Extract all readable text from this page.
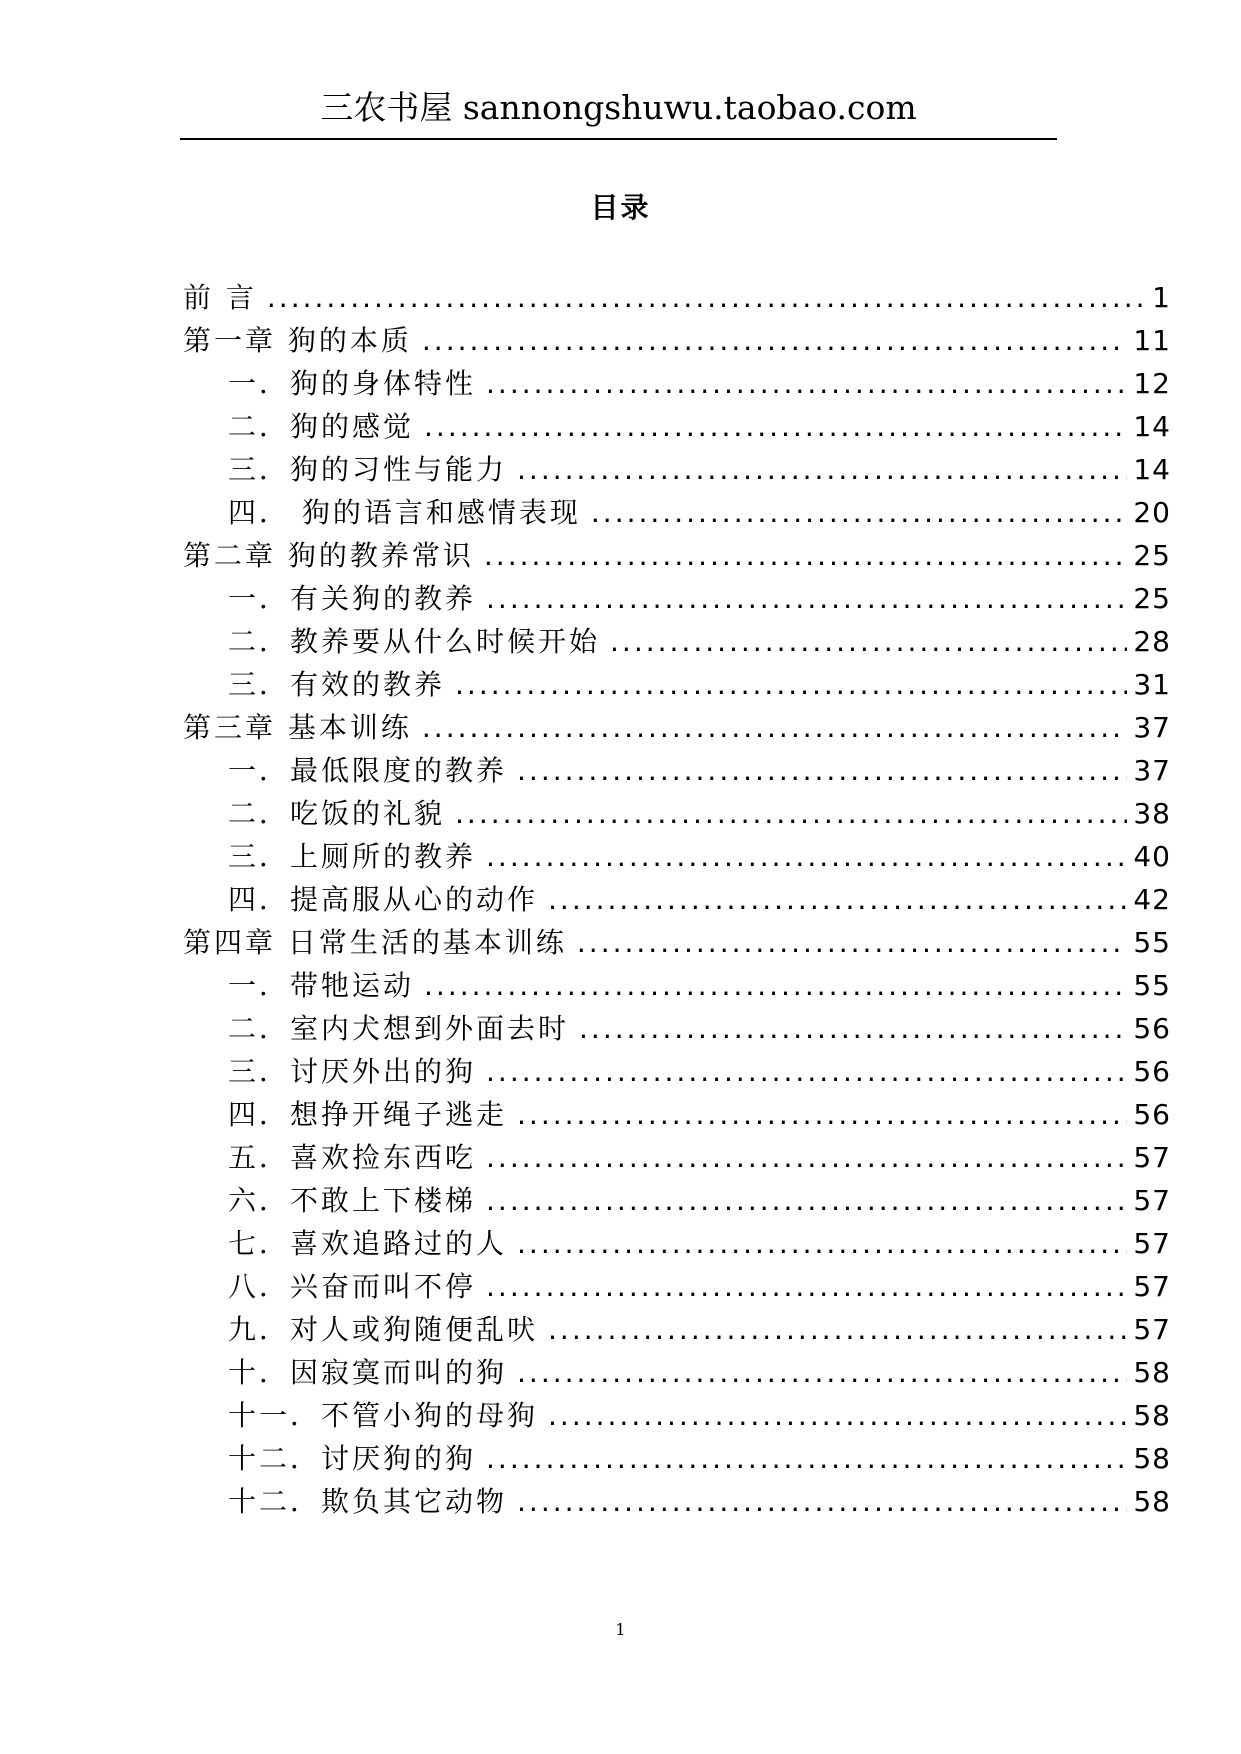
三农书屋 sannongshuwu.taobao.com
目录
前 言 .....	1
第一章 狗的本质 .....	11
一．狗的身体特性 .....	12
二．狗的感觉 .....	14
三．狗的习性与能力 .....	14
四． 狗的语言和感情表现 .....	20
第二章 狗的教养常识 .....	25
一．有关狗的教养 .....	25
二．教养要从什么时候开始 .....	28
三．有效的教养 .....	31
第三章 基本训练 .....	37
一．最低限度的教养 .....	37
二．吃饭的礼貌 .....	38
三．上厕所的教养 .....	40
四．提高服从心的动作 .....	42
第四章 日常生活的基本训练 .....	55
一．带牠运动 .....	55
二．室内犬想到外面去时 .....	56
三．讨厌外出的狗 .....	56
四．想挣开绳子逃走 .....	56
五．喜欢捡东西吃 .....	57
六．不敢上下楼梯 .....	57
七．喜欢追路过的人 .....	57
八．兴奋而叫不停 .....	57
九．对人或狗随便乱吠 .....	57
十．因寂寞而叫的狗 .....	58
十一．不管小狗的母狗 .....	58
十二．讨厌狗的狗 .....	58
十二．欺负其它动物 .....	58
1
